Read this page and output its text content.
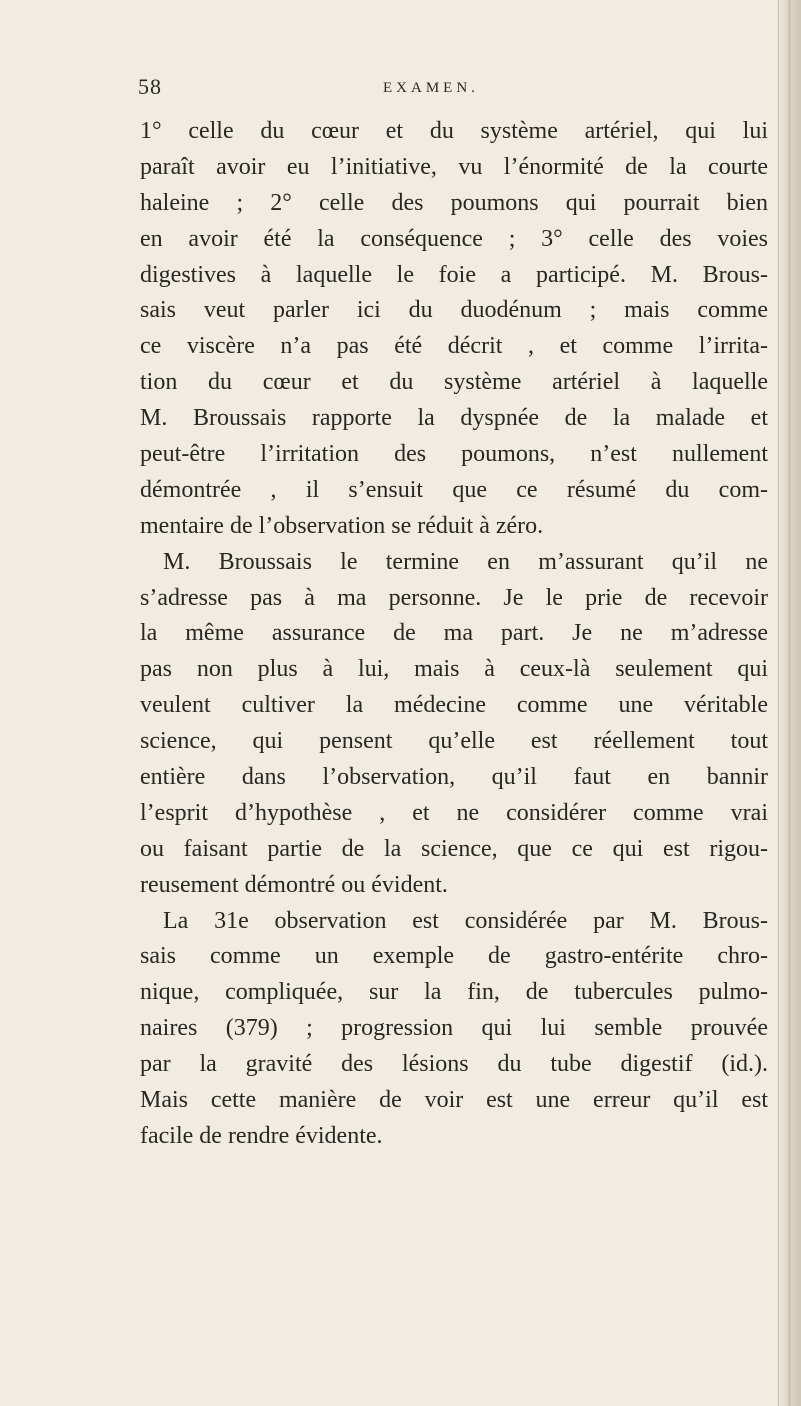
58	EXAMEN.
1° celle du cœur et du système artériel, qui lui
paraît avoir eu l’initiative, vu l’énormité de la courte
haleine ; 2° celle des poumons qui pourrait bien
en avoir été la conséquence ; 3° celle des voies
digestives à laquelle le foie a participé. M. Brous-
sais veut parler ici du duodénum ; mais comme
ce viscère n’a pas été décrit , et comme l’irrita-
tion du cœur et du système artériel à laquelle
M. Broussais rapporte la dyspnée de la malade et
peut-être l’irritation des poumons, n’est nullement
démontrée , il s’ensuit que ce résumé du com-
mentaire de l’observation se réduit à zéro.
M. Broussais le termine en m’assurant qu’il ne
s’adresse pas à ma personne. Je le prie de recevoir
la même assurance de ma part. Je ne m’adresse
pas non plus à lui, mais à ceux-là seulement qui
veulent cultiver la médecine comme une véritable
science, qui pensent qu’elle est réellement tout
entière dans l’observation, qu’il faut en bannir
l’esprit d’hypothèse , et ne considérer comme vrai
ou faisant partie de la science, que ce qui est rigou-
reusement démontré ou évident.
La 31e observation est considérée par M. Brous-
sais comme un exemple de gastro-entérite chro-
nique, compliquée, sur la fin, de tubercules pulmo-
naires (379) ; progression qui lui semble prouvée
par la gravité des lésions du tube digestif (id.).
Mais cette manière de voir est une erreur qu’il est
facile de rendre évidente.
